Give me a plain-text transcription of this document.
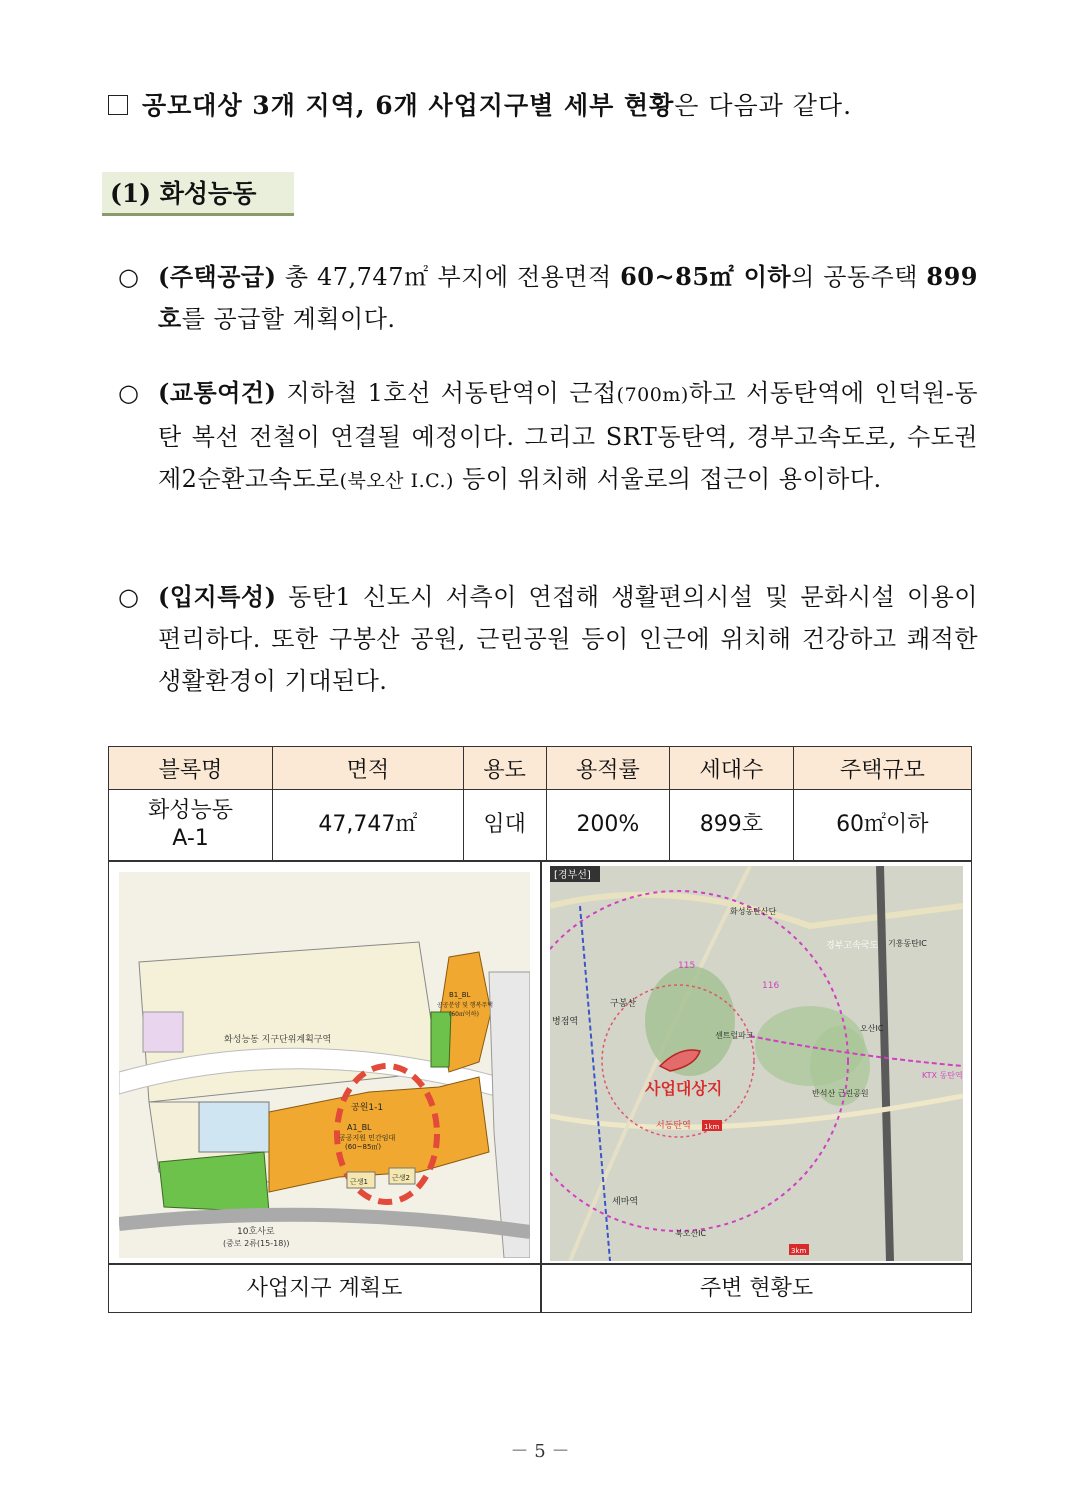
공모대상 3개 지역, 6개 사업지구별 세부 현황은 다음과 같다.
(1) 화성능동
○ (주택공급) 총 47,747㎡ 부지에 전용면적 60~85㎡ 이하의 공동주택 899호를 공급할 계획이다.
○ (교통여건) 지하철 1호선 서동탄역이 근접(700m)하고 서동탄역에 인덕원-동탄 복선 전철이 연결될 예정이다. 그리고 SRT동탄역, 경부고속도로, 수도권 제2순환고속도로(북오산 I.C.) 등이 위치해 서울로의 접근이 용이하다.
○ (입지특성) 동탄1 신도시 서측이 연접해 생활편의시설 및 문화시설 이용이 편리하다. 또한 구봉산 공원, 근린공원 등이 인근에 위치해 건강하고 쾌적한 생활환경이 기대된다.
블록명	면적	용도	용적률	세대수	주택규모
화성능동
A-1	47,747㎡	임대	200%	899호	60㎡이하
화성능동 지구단위계획구역
A1_BL
공공지원 민간임대
(60~85㎡)
B1_BL
공공분양 및 행복주택
(60㎡이하)
공원1-1
근생1	근생2
10호사로
(중로 2류(15-18))
[경부선]
사업대상지
서동탄역
세마역
병점역
구봉산
경부고속국도 기흥동탄IC
오산IC
북오산IC
KTX 동탄역
반석산 근린공원
센트럴파크
1km
3km
화성동탄산단
115
116
사업지구 계획도	주변 현황도
－ 5 －
